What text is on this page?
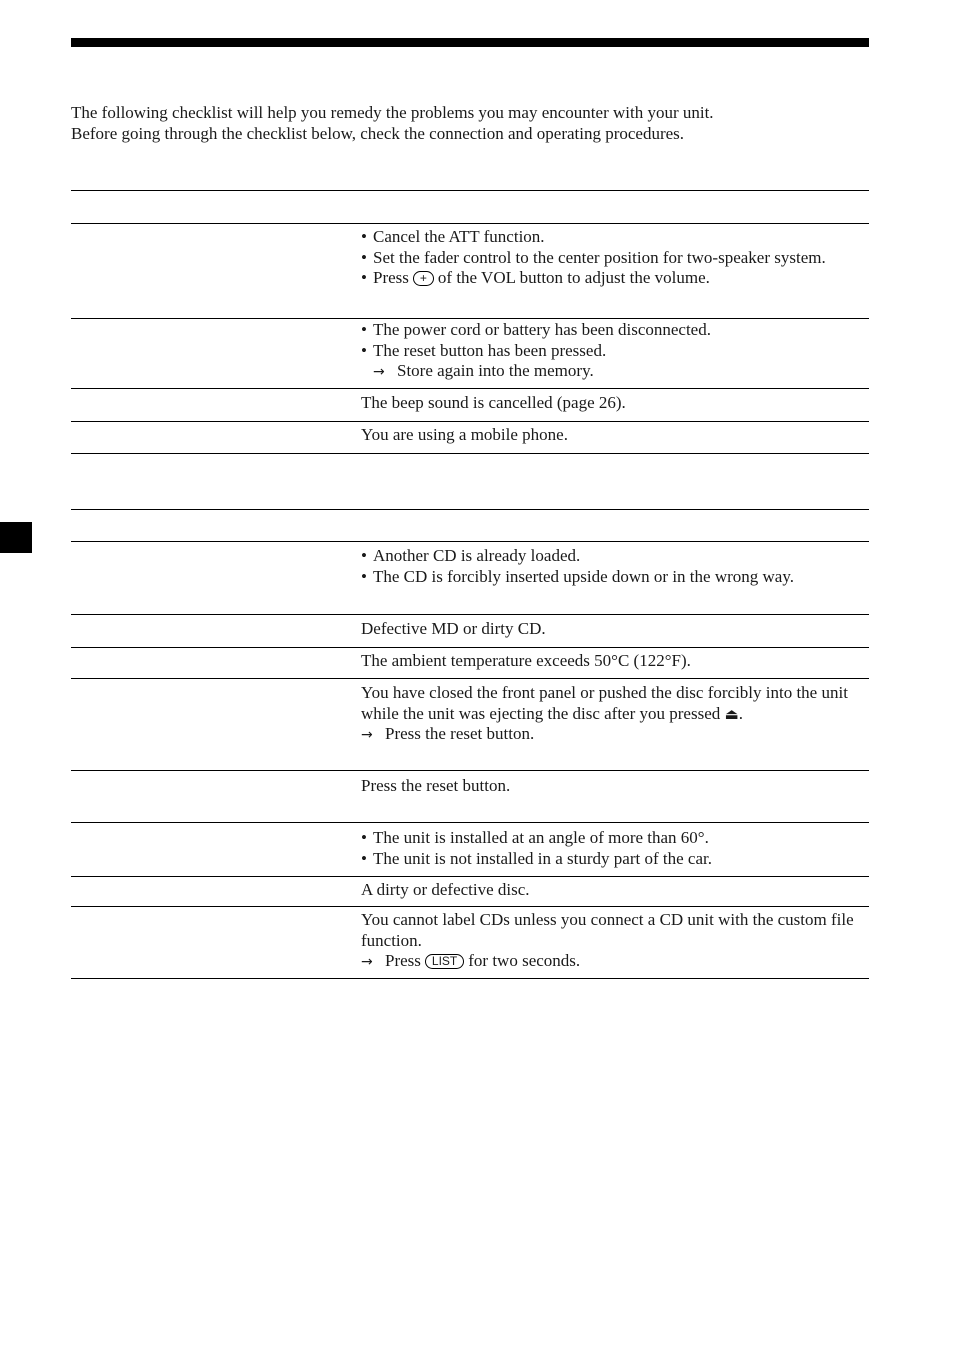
The following checklist will help you remedy the problems you may encounter with your unit.

Before going through the checklist below, check the connection and operating procedures.

• Cancel the ATT function.
• Set the fader control to the center position for two-speaker system.
• Press + of the VOL button to adjust the volume.
• The power cord or battery has been disconnected.
• The reset button has been pressed.
→ Store again into the memory.
The beep sound is cancelled (page 26).
You are using a mobile phone.
• Another CD is already loaded.
• The CD is forcibly inserted upside down or in the wrong way.
Defective MD or dirty CD.
The ambient temperature exceeds 50°C (122°F).
You have closed the front panel or pushed the disc forcibly into the unit while the unit was ejecting the disc after you pressed ⏏.
→ Press the reset button.
Press the reset button.
• The unit is installed at an angle of more than 60°.
• The unit is not installed in a sturdy part of the car.
A dirty or defective disc.
You cannot label CDs unless you connect a CD unit with the custom file function.
→ Press LIST for two seconds.
